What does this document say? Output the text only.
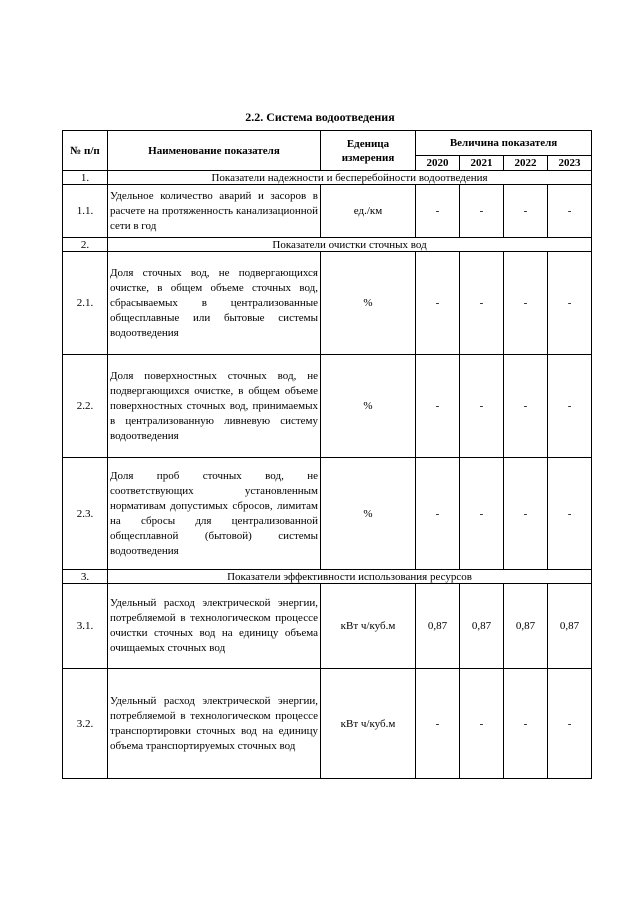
2.2. Система водоотведения
№ п/п	Наименование показателя	Еденица измерения	Величина показателя			
			2020	2021	2022	2023
1.	Показатели надежности и бесперебойности водоотведения					
1.1.	Удельное количество аварий и засоров в расчете на протяженность канализационной сети в год	ед./км	-	-	-	-
2.	Показатели очистки сточных вод					
2.1.	Доля сточных вод, не подвергающихся очистке, в общем объеме сточных вод, сбрасываемых в централизованные общесплавные или бытовые системы водоотведения	%	-	-	-	-
2.2.	Доля поверхностных сточных вод, не подвергающихся очистке, в общем объеме поверхностных сточных вод, принимаемых в централизованную ливневую систему водоотведения	%	-	-	-	-
2.3.	Доля проб сточных вод, не соответствующих установленным нормативам допустимых сбросов, лимитам на сбросы для централизованной общесплавной (бытовой) системы водоотведения	%	-	-	-	-
3.	Показатели эффективности использования ресурсов					
3.1.	Удельный расход электрической энергии, потребляемой в технологическом процессе очистки сточных вод на единицу объема очищаемых сточных вод	кВт ч/куб.м	0,87	0,87	0,87	0,87
3.2.	Удельный расход электрической энергии, потребляемой в технологическом процессе транспортировки сточных вод на единицу объема транспортируемых сточных вод	кВт ч/куб.м	-	-	-	-
